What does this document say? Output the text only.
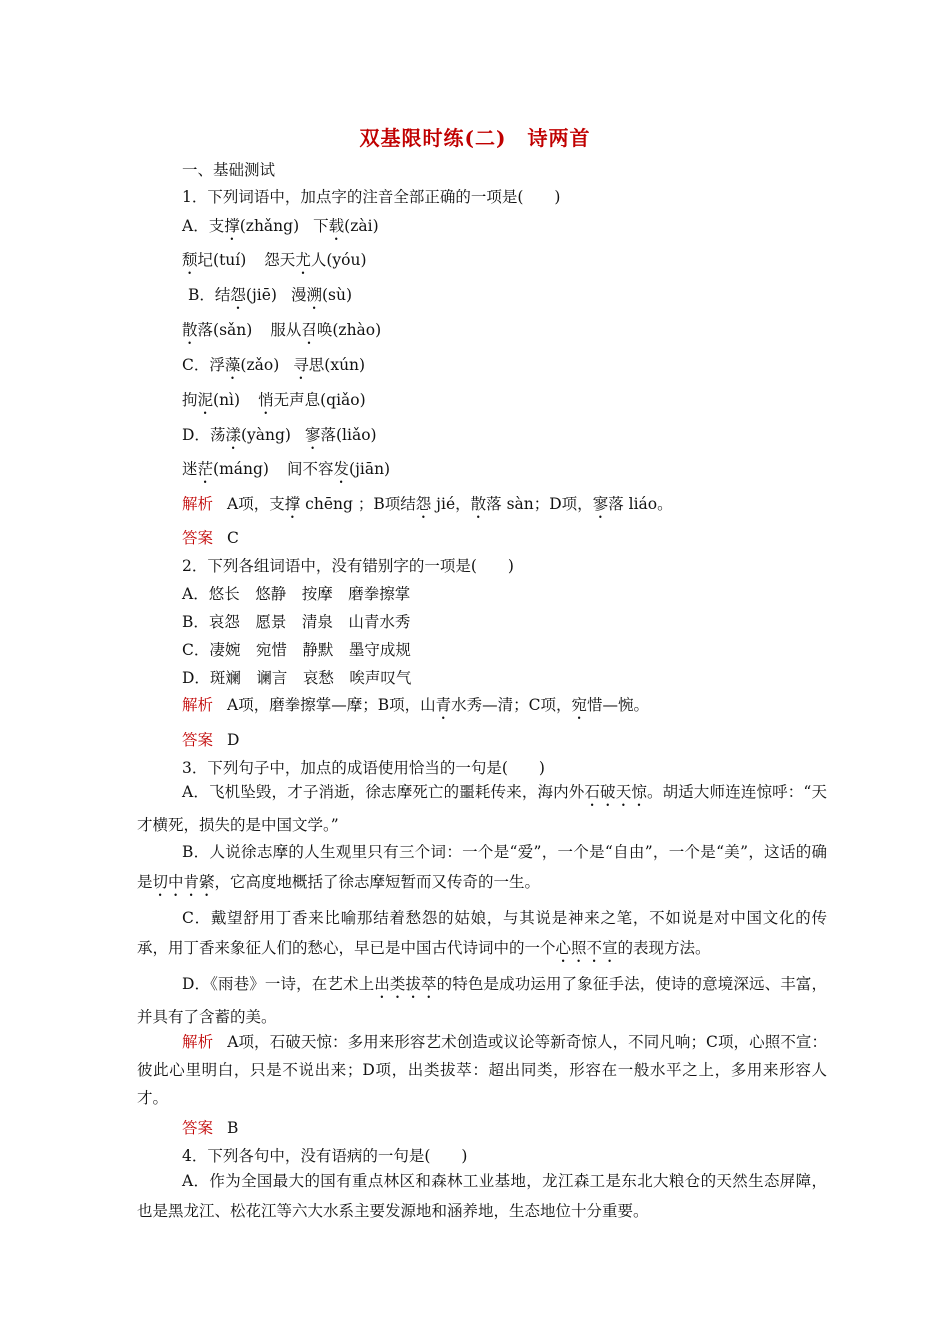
双基限时练(二)　诗两首
一、基础测试
1．下列词语中，加点字的注音全部正确的一项是(　　)
A．支撑(zhǎng) 下载(zài)
颓圮(tuí) 怨天尤人(yóu)
B．结怨(jiē) 漫溯(sù)
散落(sǎn) 服从召唤(zhào)
C．浮藻(zǎo) 寻思(xún)
拘泥(nì) 悄无声息(qiǎo)
D．荡漾(yàng) 寥落(liǎo)
迷茫(máng) 间不容发(jiān)
解析 A项，支撑 chēng ；B项结怨 jié，散落 sàn；D项，寥落 liáo。
答案 C
2．下列各组词语中，没有错别字的一项是(　　)
A．悠长　悠静　按摩　磨拳擦掌
B．哀怨　愿景　清泉　山青水秀
C．凄婉　宛惜　静默　墨守成规
D．斑斓　谰言　哀愁　唉声叹气
解析 A项，磨拳擦掌—摩；B项，山青水秀—清；C项，宛惜—惋。
答案 D
3．下列句子中，加点的成语使用恰当的一句是(　　)
A．飞机坠毁，才子消逝，徐志摩死亡的噩耗传来，海内外石破天惊。胡适大师连连惊呼：“天才横死，损失的是中国文学。”
B．人说徐志摩的人生观里只有三个词：一个是“爱”，一个是“自由”，一个是“美”，这话的确是切中肯綮，它高度地概括了徐志摩短暂而又传奇的一生。
C．戴望舒用丁香来比喻那结着愁怨的姑娘，与其说是神来之笔，不如说是对中国文化的传承，用丁香来象征人们的愁心，早已是中国古代诗词中的一个心照不宣的表现方法。
D．《雨巷》一诗，在艺术上出类拔萃的特色是成功运用了象征手法，使诗的意境深远、丰富，并具有了含蓄的美。
解析 A项，石破天惊：多用来形容艺术创造或议论等新奇惊人，不同凡响；C项，心照不宣：彼此心里明白，只是不说出来；D项，出类拔萃：超出同类，形容在一般水平之上，多用来形容人才。
答案 B
4．下列各句中，没有语病的一句是(　　)
A．作为全国最大的国有重点林区和森林工业基地，龙江森工是东北大粮仓的天然生态屏障，也是黑龙江、松花江等六大水系主要发源地和涵养地，生态地位十分重要。
